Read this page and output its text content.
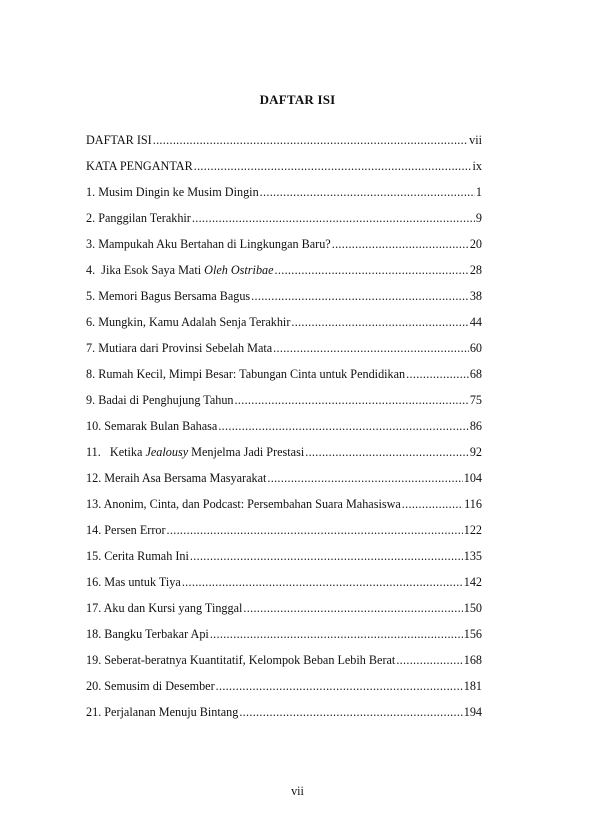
DAFTAR ISI
DAFTAR ISI .....	vii
KATA PENGANTAR .....	ix
1. Musim Dingin ke Musim Dingin .....	1
2. Panggilan Terakhir .....	9
3. Mampukah Aku Bertahan di Lingkungan Baru? .....	20
4.  Jika Esok Saya Mati Oleh Ostribae .....	28
5. Memori Bagus Bersama Bagus .....	38
6. Mungkin, Kamu Adalah Senja Terakhir .....	44
7. Mutiara dari Provinsi Sebelah Mata .....	60
8. Rumah Kecil, Mimpi Besar: Tabungan Cinta untuk Pendidikan .....	68
9. Badai di Penghujung Tahun .....	75
10. Semarak Bulan Bahasa .....	86
11.   Ketika Jealousy Menjelma Jadi Prestasi .....	92
12. Meraih Asa Bersama Masyarakat .....	104
13. Anonim, Cinta, dan Podcast: Persembahan Suara Mahasiswa .....	116
14. Persen Error .....	122
15. Cerita Rumah Ini .....	135
16. Mas untuk Tiya .....	142
17. Aku dan Kursi yang Tinggal .....	150
18. Bangku Terbakar Api .....	156
19. Seberat-beratnya Kuantitatif, Kelompok Beban Lebih Berat .....	168
20. Semusim di Desember .....	181
21. Perjalanan Menuju Bintang .....	194
vii
